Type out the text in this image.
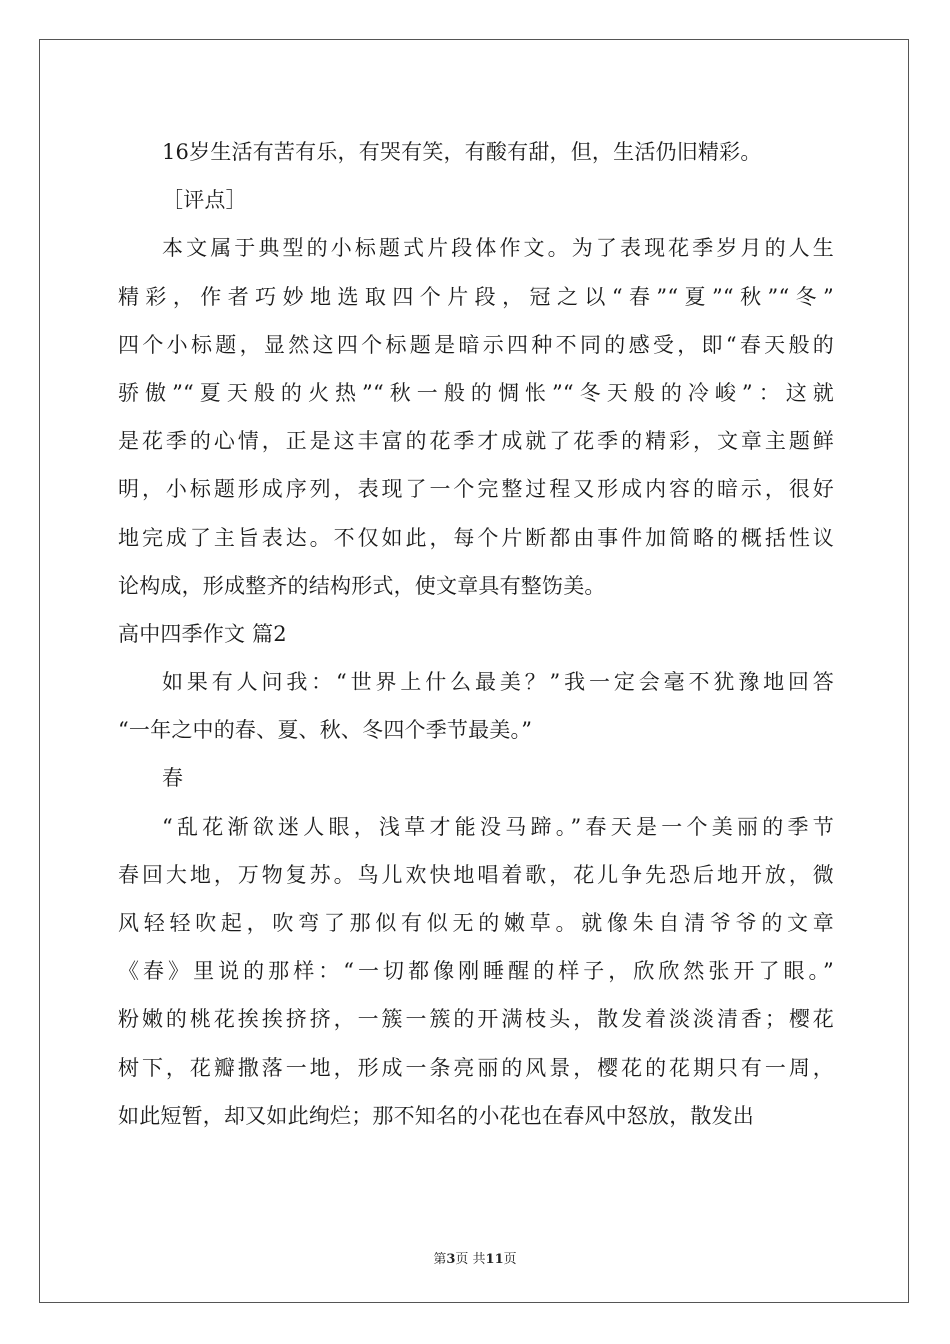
16岁生活有苦有乐，有哭有笑，有酸有甜，但，生活仍旧精彩。
［评点］
本文属于典型的小标题式片段体作文。为了表现花季岁月的人生
精彩，作者巧妙地选取四个片段，冠之以“春”“夏”“秋”“冬”
四个小标题，显然这四个标题是暗示四种不同的感受，即“春天般的
骄傲”“夏天般的火热”“秋一般的惆怅”“冬天般的冷峻”：这就
是花季的心情，正是这丰富的花季才成就了花季的精彩，文章主题鲜
明，小标题形成序列，表现了一个完整过程又形成内容的暗示，很好
地完成了主旨表达。不仅如此，每个片断都由事件加简略的概括性议
论构成，形成整齐的结构形式，使文章具有整饬美。
高中四季作文 篇2
如果有人问我：“世界上什么最美？”我一定会毫不犹豫地回答
“一年之中的春、夏、秋、冬四个季节最美。”
春
“乱花渐欲迷人眼，浅草才能没马蹄。”春天是一个美丽的季节
春回大地，万物复苏。鸟儿欢快地唱着歌，花儿争先恐后地开放，微
风轻轻吹起，吹弯了那似有似无的嫩草。就像朱自清爷爷的文章
《春》里说的那样：“一切都像刚睡醒的样子，欣欣然张开了眼。”
粉嫩的桃花挨挨挤挤，一簇一簇的开满枝头，散发着淡淡清香；樱花
树下，花瓣撒落一地，形成一条亮丽的风景，樱花的花期只有一周，
如此短暂，却又如此绚烂；那不知名的小花也在春风中怒放，散发出
第3页 共11页
